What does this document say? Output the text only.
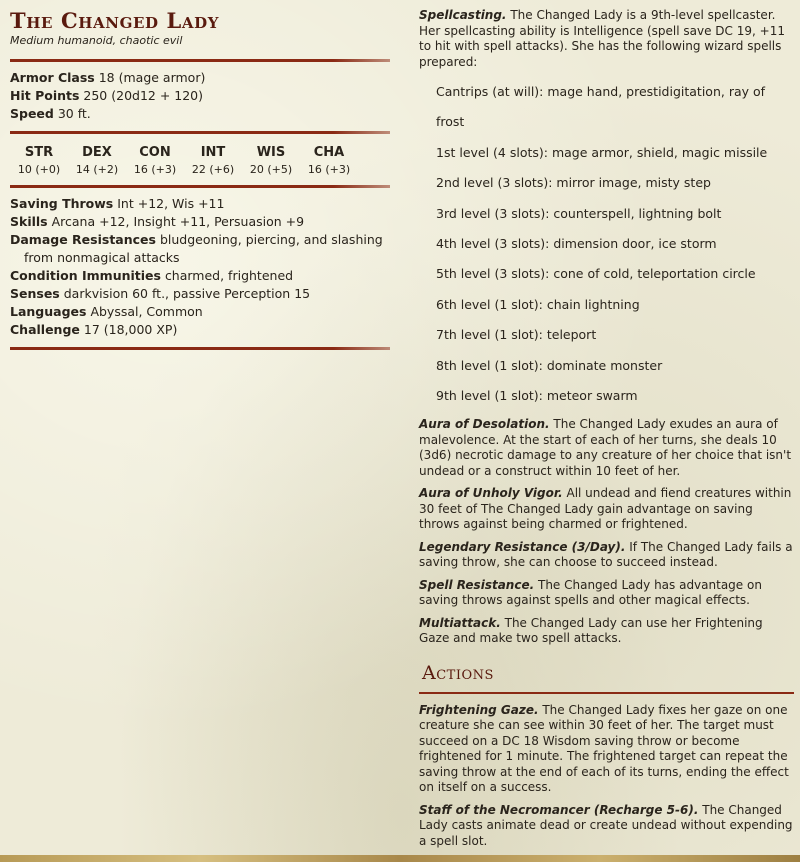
The Changed Lady

Medium humanoid, chaotic evil

Armor Class 18 (mage armor)

Hit Points 250 (20d12 + 120)

Speed 30 ft.

STR
10 (+0)
DEX
14 (+2)
CON
16 (+3)
INT
22 (+6)
WIS
20 (+5)
CHA
16 (+3)

Saving Throws Int +12, Wis +11

Skills Arcana +12, Insight +11, Persuasion +9

Damage Resistances bludgeoning, piercing, and slashing from nonmagical attacks

Condition Immunities charmed, frightened

Senses darkvision 60 ft., passive Perception 15

Languages Abyssal, Common

Challenge 17 (18,000 XP)

Spellcasting. The Changed Lady is a 9th-level spellcaster. Her spellcasting ability is Intelligence (spell save DC 19, +11 to hit with spell attacks). She has the following wizard spells prepared:

Cantrips (at will): mage hand, prestidigitation, ray of frost

1st level (4 slots): mage armor, shield, magic missile

2nd level (3 slots): mirror image, misty step

3rd level (3 slots): counterspell, lightning bolt

4th level (3 slots): dimension door, ice storm

5th level (3 slots): cone of cold, teleportation circle

6th level (1 slot): chain lightning

7th level (1 slot): teleport

8th level (1 slot): dominate monster

9th level (1 slot): meteor swarm

Aura of Desolation. The Changed Lady exudes an aura of malevolence. At the start of each of her turns, she deals 10 (3d6) necrotic damage to any creature of her choice that isn't undead or a construct within 10 feet of her.

Aura of Unholy Vigor. All undead and fiend creatures within 30 feet of The Changed Lady gain advantage on saving throws against being charmed or frightened.

Legendary Resistance (3/Day). If The Changed Lady fails a saving throw, she can choose to succeed instead.

Spell Resistance. The Changed Lady has advantage on saving throws against spells and other magical effects.

Multiattack. The Changed Lady can use her Frightening Gaze and make two spell attacks.

Actions

Frightening Gaze. The Changed Lady fixes her gaze on one creature she can see within 30 feet of her. The target must succeed on a DC 18 Wisdom saving throw or become frightened for 1 minute. The frightened target can repeat the saving throw at the end of each of its turns, ending the effect on itself on a success.

Staff of the Necromancer (Recharge 5-6). The Changed Lady casts animate dead or create undead without expending a spell slot.
